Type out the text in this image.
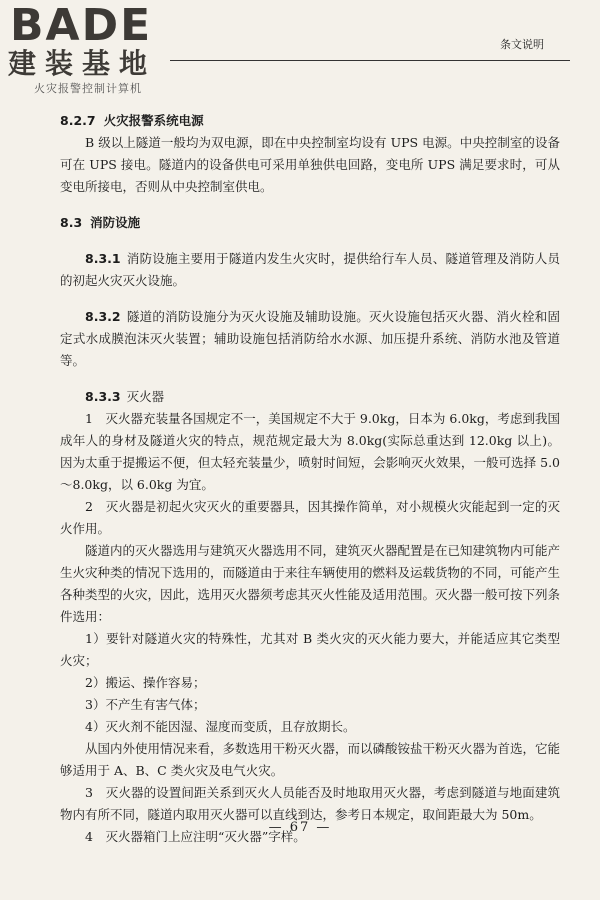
BADE
建装基地
火灾报警控制计算机
条文说明

8.2.7 火灾报警系统电源

B 级以上隧道一般均为双电源，即在中央控制室均设有 UPS 电源。中央控制室的设备可在 UPS 接电。隧道内的设备供电可采用单独供电回路，变电所 UPS 满足要求时，可从变电所接电，否则从中央控制室供电。

8.3 消防设施

8.3.1 消防设施主要用于隧道内发生火灾时，提供给行车人员、隧道管理及消防人员的初起火灾灭火设施。

8.3.2 隧道的消防设施分为灭火设施及辅助设施。灭火设施包括灭火器、消火栓和固定式水成膜泡沫灭火装置；辅助设施包括消防给水水源、加压提升系统、消防水池及管道等。

8.3.3 灭火器

1　灭火器充装量各国规定不一，美国规定不大于 9.0kg，日本为 6.0kg，考虑到我国成年人的身材及隧道火灾的特点，规范规定最大为 8.0kg(实际总重达到 12.0kg 以上)。因为太重于提搬运不便，但太轻充装量少，喷射时间短，会影响灭火效果，一般可选择 5.0～8.0kg，以 6.0kg 为宜。

2　灭火器是初起火灾灭火的重要器具，因其操作简单，对小规模火灾能起到一定的灭火作用。

隧道内的灭火器选用与建筑灭火器选用不同，建筑灭火器配置是在已知建筑物内可能产生火灾种类的情况下选用的，而隧道由于来往车辆使用的燃料及运载货物的不同，可能产生各种类型的火灾，因此，选用灭火器须考虑其灭火性能及适用范围。灭火器一般可按下列条件选用：

1）要针对隧道火灾的特殊性，尤其对 B 类火灾的灭火能力要大，并能适应其它类型火灾；

2）搬运、操作容易；

3）不产生有害气体；

4）灭火剂不能因湿、湿度而变质，且存放期长。

从国内外使用情况来看，多数选用干粉灭火器，而以磷酸铵盐干粉灭火器为首选，它能够适用于 A、B、C 类火灾及电气火灾。

3　灭火器的设置间距关系到灭火人员能否及时地取用灭火器，考虑到隧道与地面建筑物内有所不同，隧道内取用灭火器可以直线到达，参考日本规定，取间距最大为 50m。

4　灭火器箱门上应注明“灭火器”字样。

— 67 —
